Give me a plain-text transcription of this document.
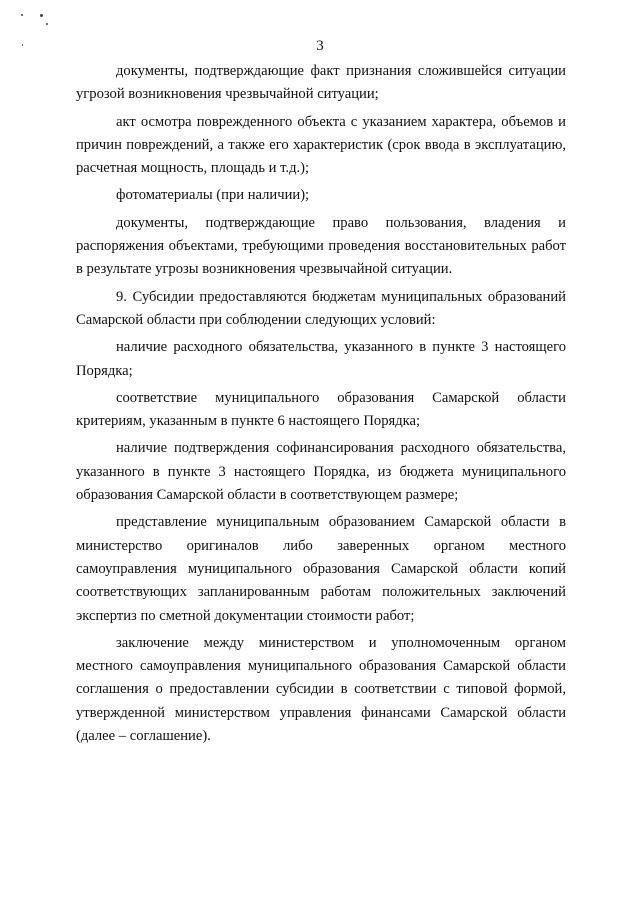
3

документы, подтверждающие факт признания сложившейся ситуации угрозой возникновения чрезвычайной ситуации;

акт осмотра поврежденного объекта с указанием характера, объемов и причин повреждений, а также его характеристик (срок ввода в эксплуатацию, расчетная мощность, площадь и т.д.);

фотоматериалы (при наличии);

документы, подтверждающие право пользования, владения и распоряжения объектами, требующими проведения восстановительных работ в результате угрозы возникновения чрезвычайной ситуации.

9. Субсидии предоставляются бюджетам муниципальных образований Самарской области при соблюдении следующих условий:

наличие расходного обязательства, указанного в пункте 3 настоящего Порядка;

соответствие муниципального образования Самарской области критериям, указанным в пункте 6 настоящего Порядка;

наличие подтверждения софинансирования расходного обязательства, указанного в пункте 3 настоящего Порядка, из бюджета муниципального образования Самарской области в соответствующем размере;

представление муниципальным образованием Самарской области в министерство оригиналов либо заверенных органом местного самоуправления муниципального образования Самарской области копий соответствующих запланированным работам положительных заключений экспертиз по сметной документации стоимости работ;

заключение между министерством и уполномоченным органом местного самоуправления муниципального образования Самарской области соглашения о предоставлении субсидии в соответствии с типовой формой, утвержденной министерством управления финансами Самарской области (далее – соглашение).
